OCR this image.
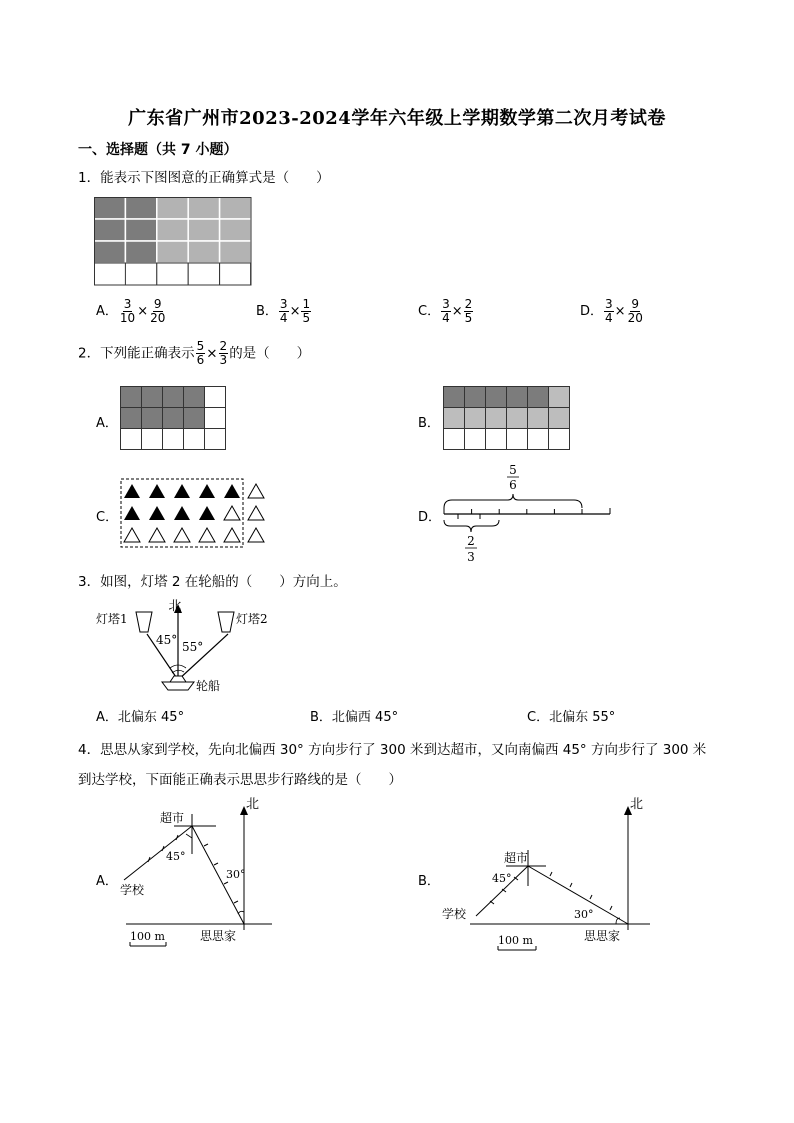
广东省广州市2023-2024学年六年级上学期数学第二次月考试卷
一、选择题（共 7 小题）
1．能表示下图图意的正确算式是（　　）
A． $\frac{3}{10} \times \frac{9}{20}$	B． $\frac{3}{4} \times \frac{1}{5}$	C． $\frac{3}{4} \times \frac{2}{5}$	D． $\frac{3}{4} \times \frac{9}{20}$
2．下列能正确表示 $\frac{5}{6} \times \frac{2}{3}$ 的是（　　）
A．	B．
C．	D．
5
6
2
3
3．如图，灯塔 2 在轮船的（　　）方向上。
北
灯塔1	灯塔2
45° 55°
轮船
A．北偏东 45°	B．北偏西 45°	C．北偏东 55°
4．思思从家到学校，先向北偏西 30° 方向步行了 300 米到达超市，又向南偏西 45° 方向步行了 300 米
到达学校，下面能正确表示思思步行路线的是（　　）
A．
北
超市
45°
30°
学校
思思家
100 m
B．
北
超市
45°
30°
学校
思思家
100 m
